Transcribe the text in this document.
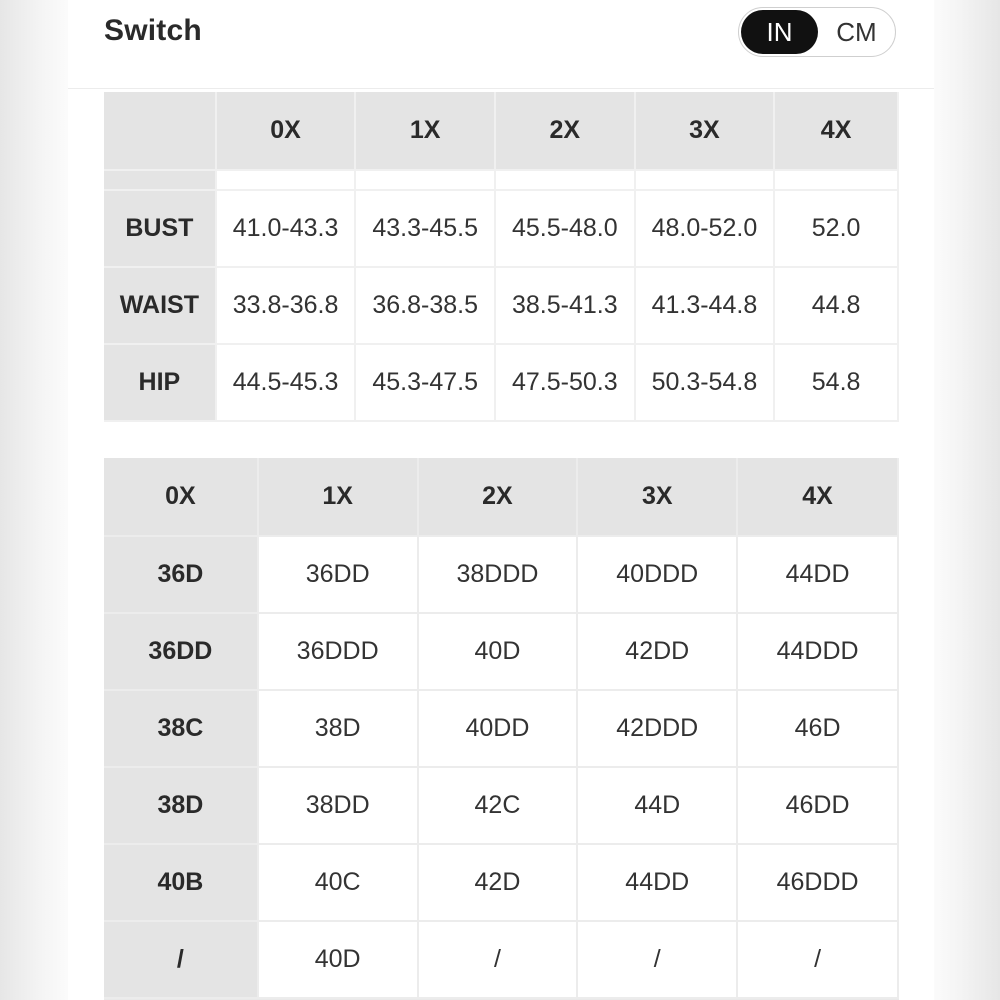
Switch	IN	CM
	0X	1X	2X	3X	4X

BUST	41.0-43.3	43.3-45.5	45.5-48.0	48.0-52.0	52.0
WAIST	33.8-36.8	36.8-38.5	38.5-41.3	41.3-44.8	44.8
HIP	44.5-45.3	45.3-47.5	47.5-50.3	50.3-54.8	54.8
0X	1X	2X	3X	4X
36D	36DD	38DDD	40DDD	44DD
36DD	36DDD	40D	42DD	44DDD
38C	38D	40DD	42DDD	46D
38D	38DD	42C	44D	46DD
40B	40C	42D	44DD	46DDD
/	40D	/	/	/
